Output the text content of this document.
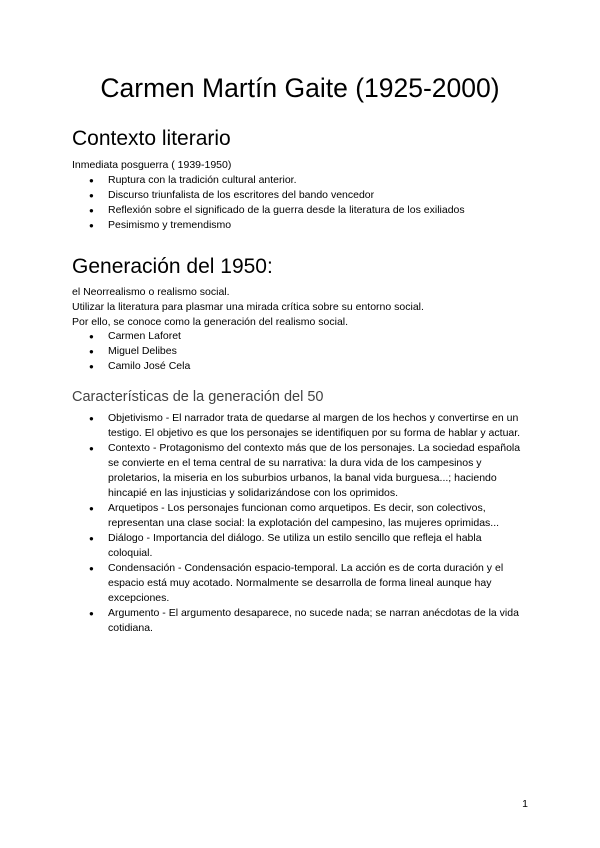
Carmen Martín Gaite (1925-2000)
Contexto literario

Inmediata posguerra ( 1939-1950)

● Ruptura con la tradición cultural anterior.
● Discurso triunfalista de los escritores del bando vencedor
● Reflexión sobre el significado de la guerra desde la literatura de los exiliados
● Pesimismo y tremendismo
Generación del 1950:

el Neorrealismo o realismo social.

Utilizar la literatura para plasmar una mirada crítica sobre su entorno social.

Por ello, se conoce como la generación del realismo social.

● Carmen Laforet
● Miguel Delibes
● Camilo José Cela
Características de la generación del 50
● Objetivismo - El narrador trata de quedarse al margen de los hechos y convertirse en un testigo. El objetivo es que los personajes se identifiquen por su forma de hablar y actuar.
● Contexto - Protagonismo del contexto más que de los personajes. La sociedad española se convierte en el tema central de su narrativa: la dura vida de los campesinos y proletarios, la miseria en los suburbios urbanos, la banal vida burguesa...; haciendo hincapié en las injusticias y solidarizándose con los oprimidos.
● Arquetipos - Los personajes funcionan como arquetipos. Es decir, son colectivos, representan una clase social: la explotación del campesino, las mujeres oprimidas...
● Diálogo - Importancia del diálogo. Se utiliza un estilo sencillo que refleja el habla coloquial.
● Condensación - Condensación espacio-temporal. La acción es de corta duración y el espacio está muy acotado. Normalmente se desarrolla de forma lineal aunque hay excepciones.
● Argumento - El argumento desaparece, no sucede nada; se narran anécdotas de la vida cotidiana.
1
